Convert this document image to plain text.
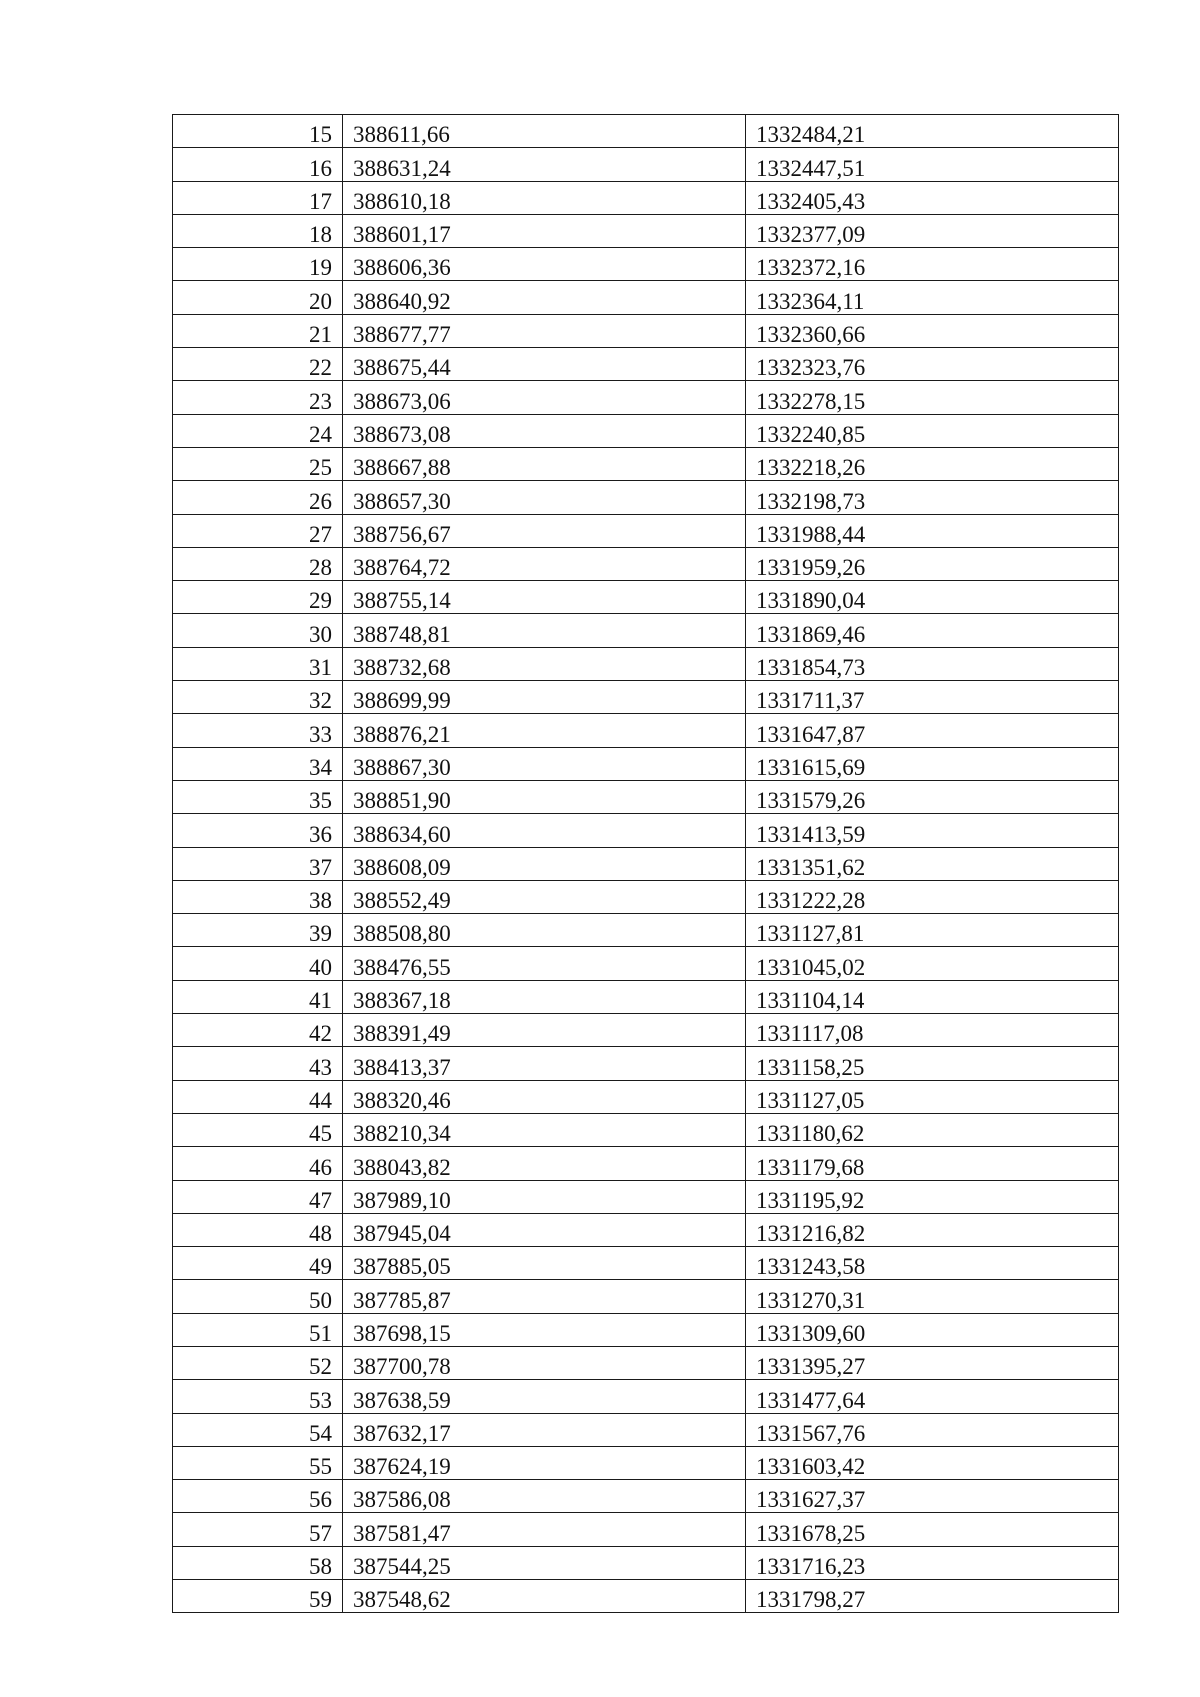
15	388611,66	1332484,21
16	388631,24	1332447,51
17	388610,18	1332405,43
18	388601,17	1332377,09
19	388606,36	1332372,16
20	388640,92	1332364,11
21	388677,77	1332360,66
22	388675,44	1332323,76
23	388673,06	1332278,15
24	388673,08	1332240,85
25	388667,88	1332218,26
26	388657,30	1332198,73
27	388756,67	1331988,44
28	388764,72	1331959,26
29	388755,14	1331890,04
30	388748,81	1331869,46
31	388732,68	1331854,73
32	388699,99	1331711,37
33	388876,21	1331647,87
34	388867,30	1331615,69
35	388851,90	1331579,26
36	388634,60	1331413,59
37	388608,09	1331351,62
38	388552,49	1331222,28
39	388508,80	1331127,81
40	388476,55	1331045,02
41	388367,18	1331104,14
42	388391,49	1331117,08
43	388413,37	1331158,25
44	388320,46	1331127,05
45	388210,34	1331180,62
46	388043,82	1331179,68
47	387989,10	1331195,92
48	387945,04	1331216,82
49	387885,05	1331243,58
50	387785,87	1331270,31
51	387698,15	1331309,60
52	387700,78	1331395,27
53	387638,59	1331477,64
54	387632,17	1331567,76
55	387624,19	1331603,42
56	387586,08	1331627,37
57	387581,47	1331678,25
58	387544,25	1331716,23
59	387548,62	1331798,27
